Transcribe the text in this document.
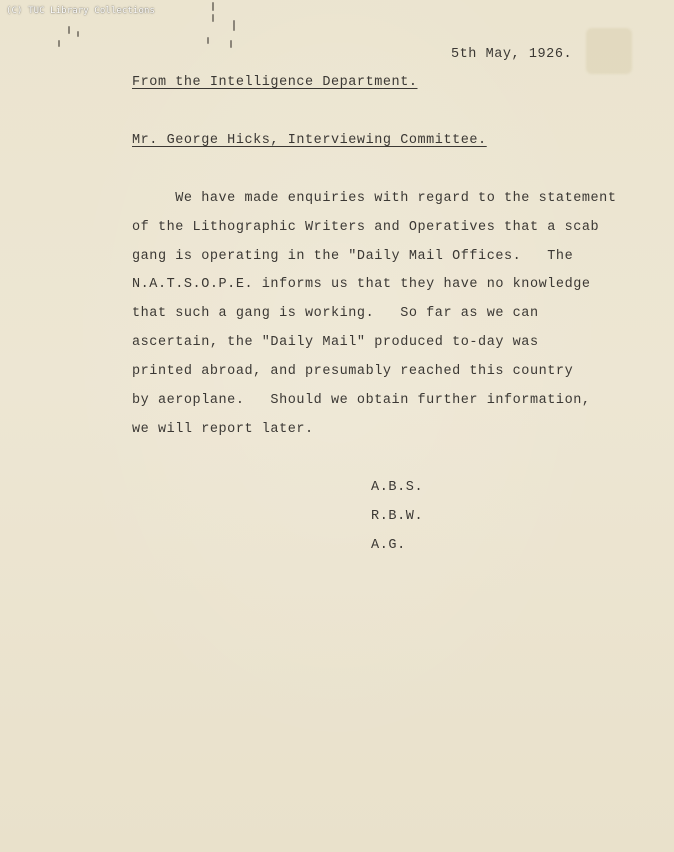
(C) TUC Library Collections
5th May, 1926.
From the Intelligence Department.
Mr. George Hicks, Interviewing Committee.
We have made enquiries with regard to the statement
of the Lithographic Writers and Operatives that a scab
gang is operating in the "Daily Mail Offices.   The
N.A.T.S.O.P.E. informs us that they have no knowledge
that such a gang is working.   So far as we can
ascertain, the "Daily Mail" produced to-day was
printed abroad, and presumably reached this country
by aeroplane.   Should we obtain further information,
we will report later.
A.B.S.
R.B.W.
A.G.
